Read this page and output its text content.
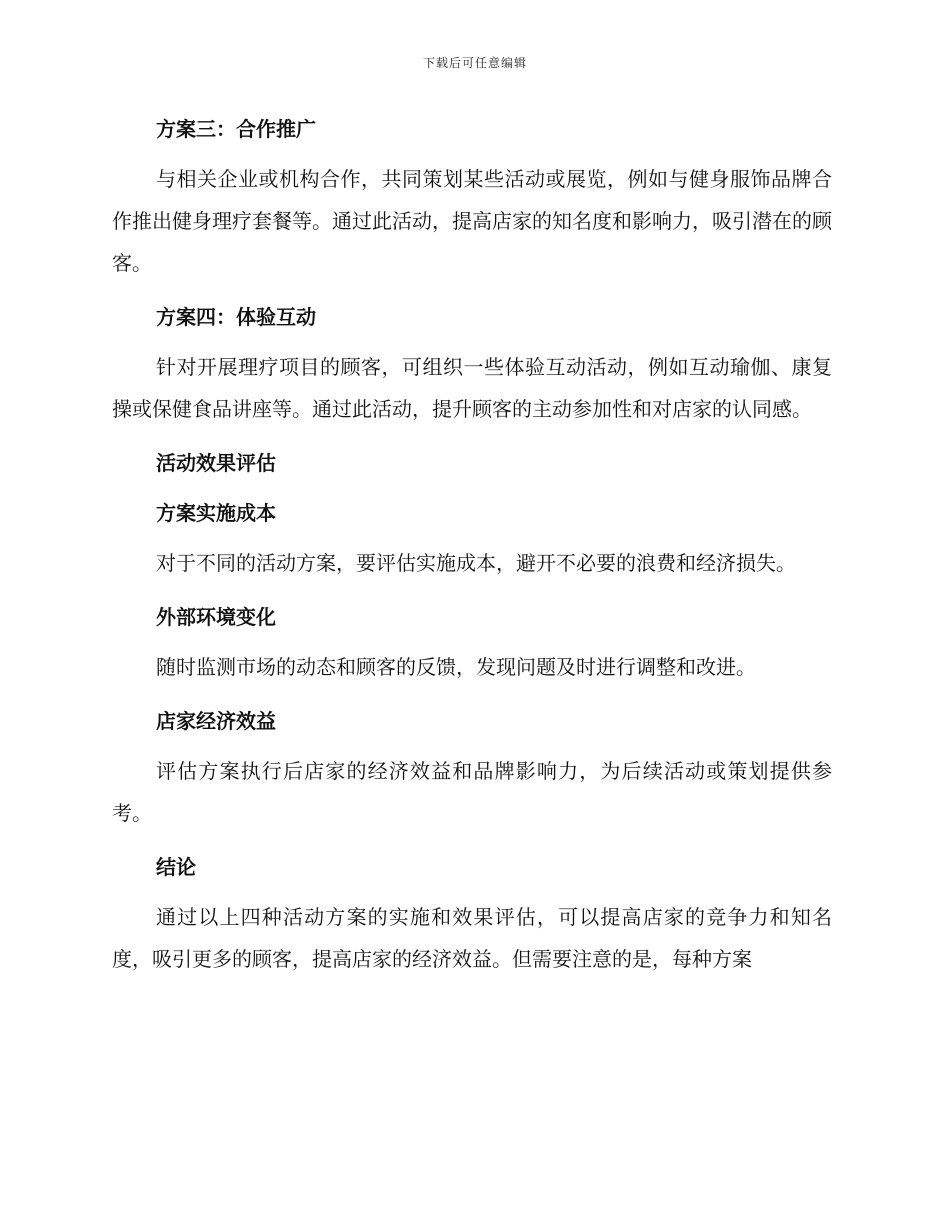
下载后可任意编辑
方案三：合作推广

与相关企业或机构合作，共同策划某些活动或展览，例如与健身服饰品牌合作推出健身理疗套餐等。通过此活动，提高店家的知名度和影响力，吸引潜在的顾客。

方案四：体验互动

针对开展理疗项目的顾客，可组织一些体验互动活动，例如互动瑜伽、康复操或保健食品讲座等。通过此活动，提升顾客的主动参加性和对店家的认同感。

活动效果评估
方案实施成本

对于不同的活动方案，要评估实施成本，避开不必要的浪费和经济损失。

外部环境变化

随时监测市场的动态和顾客的反馈，发现问题及时进行调整和改进。

店家经济效益

评估方案执行后店家的经济效益和品牌影响力，为后续活动或策划提供参考。

结论

通过以上四种活动方案的实施和效果评估，可以提高店家的竞争力和知名度，吸引更多的顾客，提高店家的经济效益。但需要注意的是，每种方案
